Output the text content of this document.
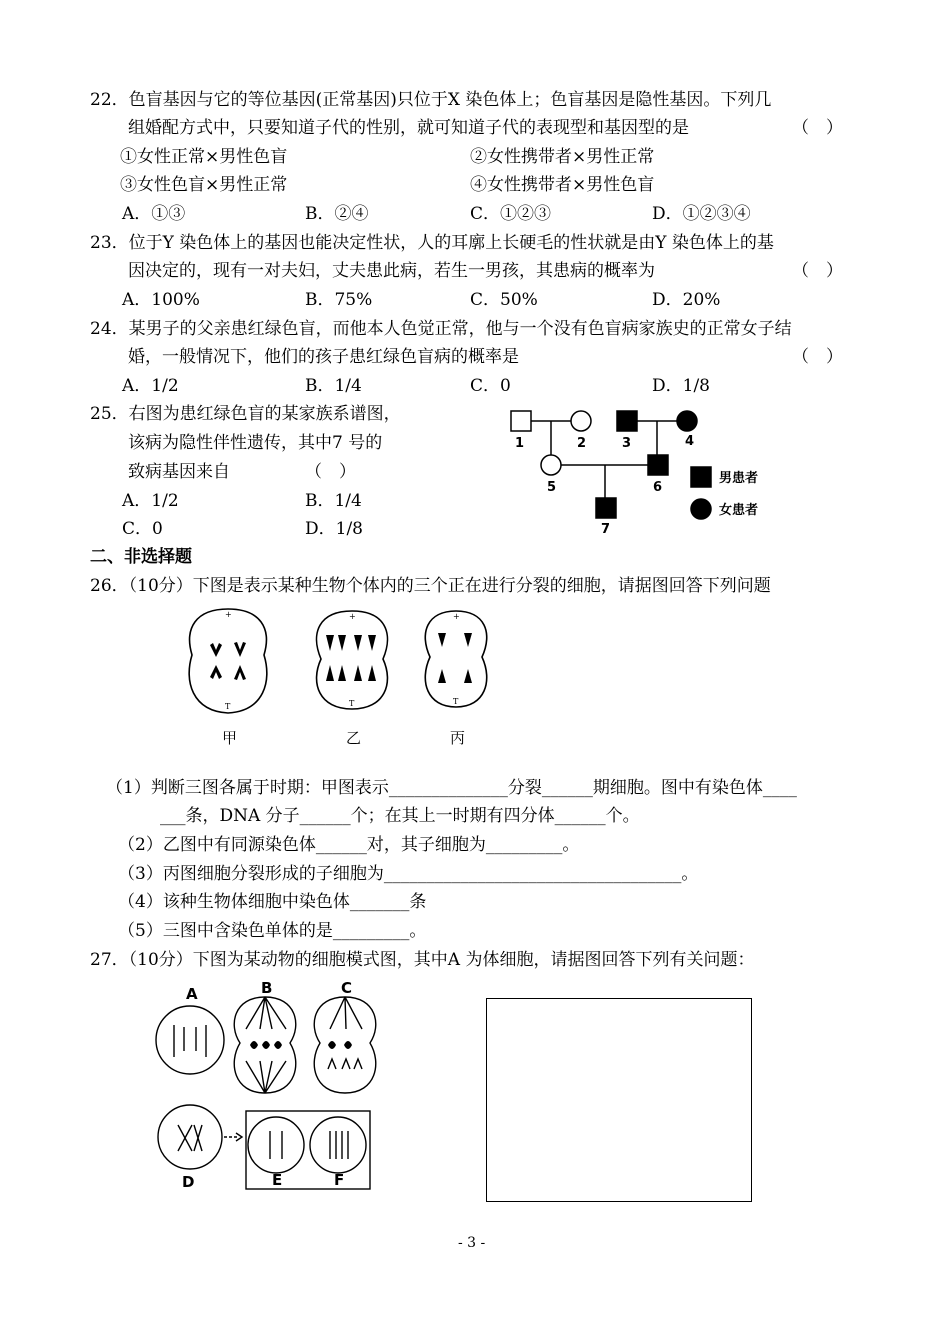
22．色盲基因与它的等位基因(正常基因)只位于X 染色体上；色盲基因是隐性基因。下列几
组婚配方式中，只要知道子代的性别，就可知道子代的表现型和基因型的是	（　）
①女性正常×男性色盲	②女性携带者×男性正常
③女性色盲×男性正常	④女性携带者×男性色盲
A．①③	B．②④	C．①②③	D．①②③④
23．位于Y 染色体上的基因也能决定性状，人的耳廓上长硬毛的性状就是由Y 染色体上的基
因决定的，现有一对夫妇，丈夫患此病，若生一男孩，其患病的概率为	（　）
A．100%	B．75%	C．50%	D．20%
24．某男子的父亲患红绿色盲，而他本人色觉正常，他与一个没有色盲病家族史的正常女子结
婚，一般情况下，他们的孩子患红绿色盲病的概率是	（　）
A．1/2	B．1/4	C．0	D．1/8
25．右图为患红绿色盲的某家族系谱图，
该病为隐性伴性遗传，其中7 号的
致病基因来自	（　）
A．1/2	B．1/4
C．0	D．1/8
1	2	3	4
5	6
7
男患者
女患者
二、非选择题
26．（10分）下图是表示某种生物个体内的三个正在进行分裂的细胞，请据图回答下列问题
+
T
+
T
+
T
甲	乙	丙
（1）判断三图各属于时期：甲图表示______________分裂______期细胞。图中有染色体____
___条，DNA 分子______个；在其上一时期有四分体______个。
（2）乙图中有同源染色体______对，其子细胞为_________。
（3）丙图细胞分裂形成的子细胞为___________________________________。
（4）该种生物体细胞中染色体_______条
（5）三图中含染色单体的是_________。
27．（10分）下图为某动物的细胞模式图，其中A 为体细胞，请据图回答下列有关问题：
A	B	C
D	E	F
- 3 -
